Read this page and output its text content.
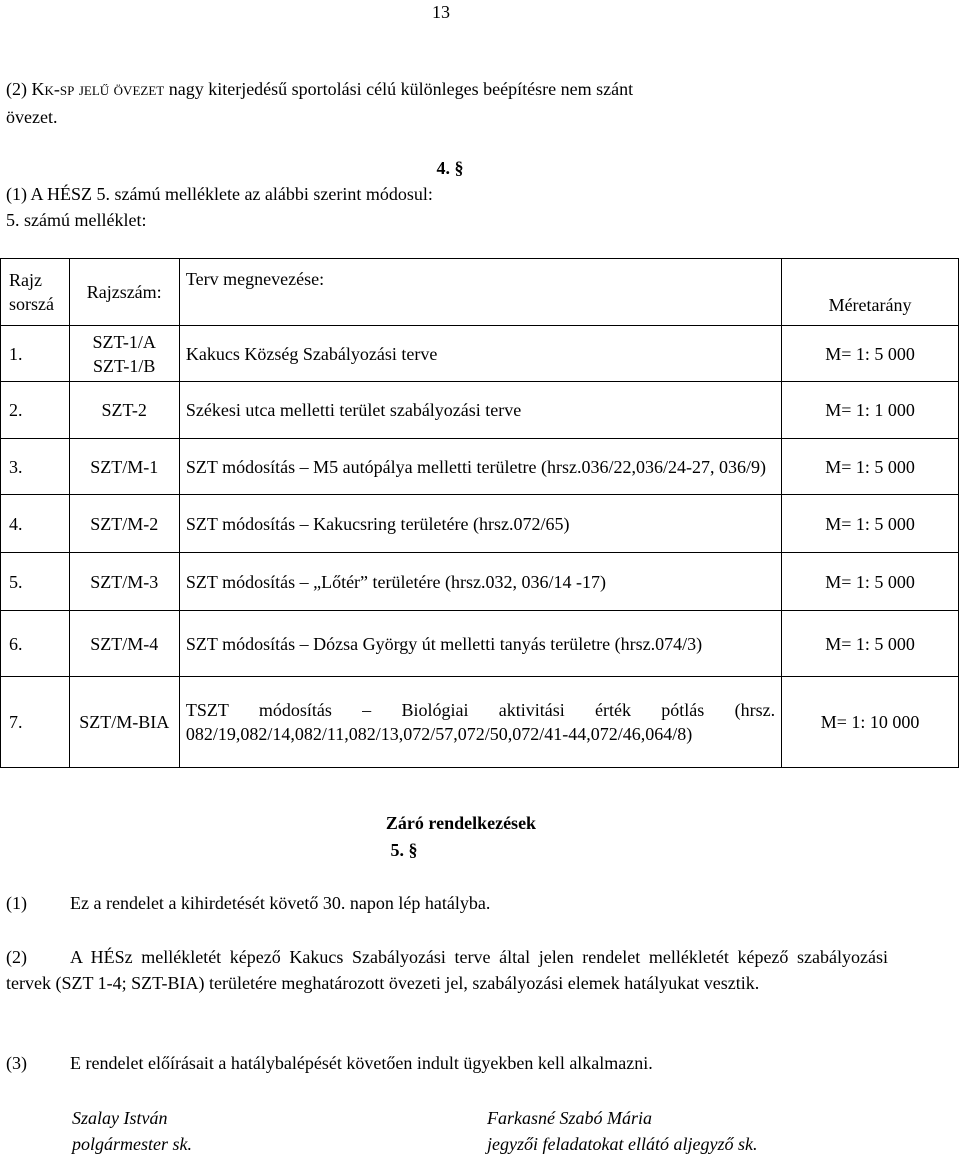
13
(2) Kk-sp jelű övezet nagy kiterjedésű sportolási célú különleges beépítésre nem szánt
övezet.
4. §
(1) A HÉSZ 5. számú melléklete az alábbi szerint módosul:
5. számú melléklet:
Rajz sorszá	Rajzszám:	Terv megnevezése:	Méretarány
1.	SZT-1/A SZT-1/B	Kakucs Község Szabályozási terve	M= 1: 5 000
2.	SZT-2	Székesi utca melletti terület szabályozási terve	M= 1: 1 000
3.	SZT/M-1	SZT módosítás – M5 autópálya melletti területre (hrsz.036/22,036/24-27, 036/9)	M= 1: 5 000
4.	SZT/M-2	SZT módosítás – Kakucsring területére (hrsz.072/65)	M= 1: 5 000
5.	SZT/M-3	SZT módosítás – „Lőtér” területére (hrsz.032, 036/14 -17)	M= 1: 5 000
6.	SZT/M-4	SZT módosítás – Dózsa György út melletti tanyás területre (hrsz.074/3)	M= 1: 5 000
7.	SZT/M-BIA	TSZT módosítás – Biológiai aktivitási érték pótlás (hrsz. 082/19,082/14,082/11,082/13,072/57,072/50,072/41-44,072/46,064/8)	M= 1: 10 000
Záró rendelkezések
5. §
(1) Ez a rendelet a kihirdetését követő 30. napon lép hatályba.
(2) A HÉSz mellékletét képező Kakucs Szabályozási terve által jelen rendelet mellékletét képező szabályozási tervek (SZT 1-4; SZT-BIA) területére meghatározott övezeti jel, szabályozási elemek hatályukat vesztik.
(3) E rendelet előírásait a hatálybalépését követően indult ügyekben kell alkalmazni.
Szalay István
polgármester sk.
Farkasné Szabó Mária
jegyzői feladatokat ellátó aljegyző sk.
